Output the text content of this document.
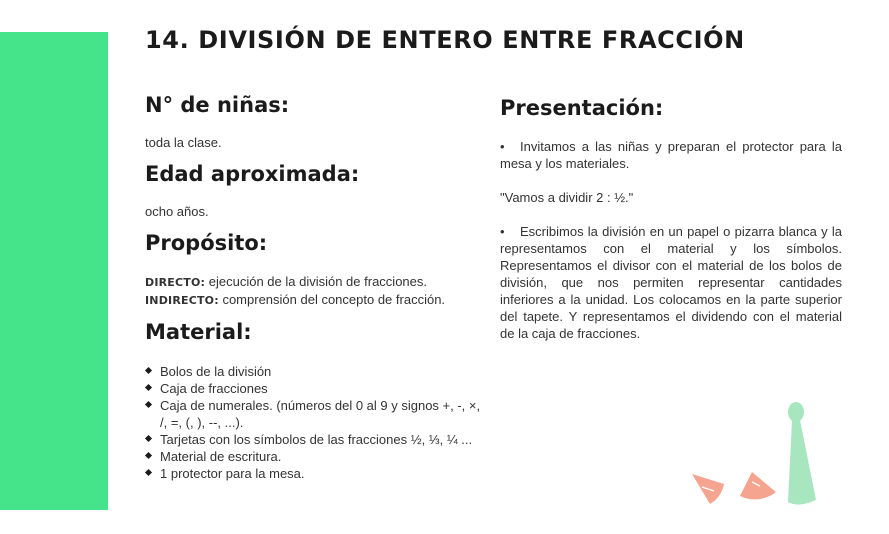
14. DIVISIÓN DE ENTERO ENTRE FRACCIÓN
N° de niñas:

toda la clase.

Edad aproximada:

ocho años.

Propósito:

DIRECTO: ejecución de la división de fracciones.

INDIRECTO: comprensión del concepto de fracción.

Material:
Bolos de la división
Caja de fracciones
Caja de numerales. (números del 0 al 9 y signos +, -, ×, /, =, (, ), --, ...).
Tarjetas con los símbolos de las fracciones ½, ⅓, ¼ ...
Material de escritura.
1 protector para la mesa.
Presentación:

• Invitamos a las niñas y preparan el protector para la mesa y los materiales.

"Vamos a dividir 2 : ½."

• Escribimos la división en un papel o pizarra blanca y la representamos con el material y los símbolos. Representamos el divisor con el material de los bolos de división, que nos permiten representar cantidades inferiores a la unidad. Los colocamos en la parte superior del tapete. Y representamos el dividendo con el material de la caja de fracciones.
